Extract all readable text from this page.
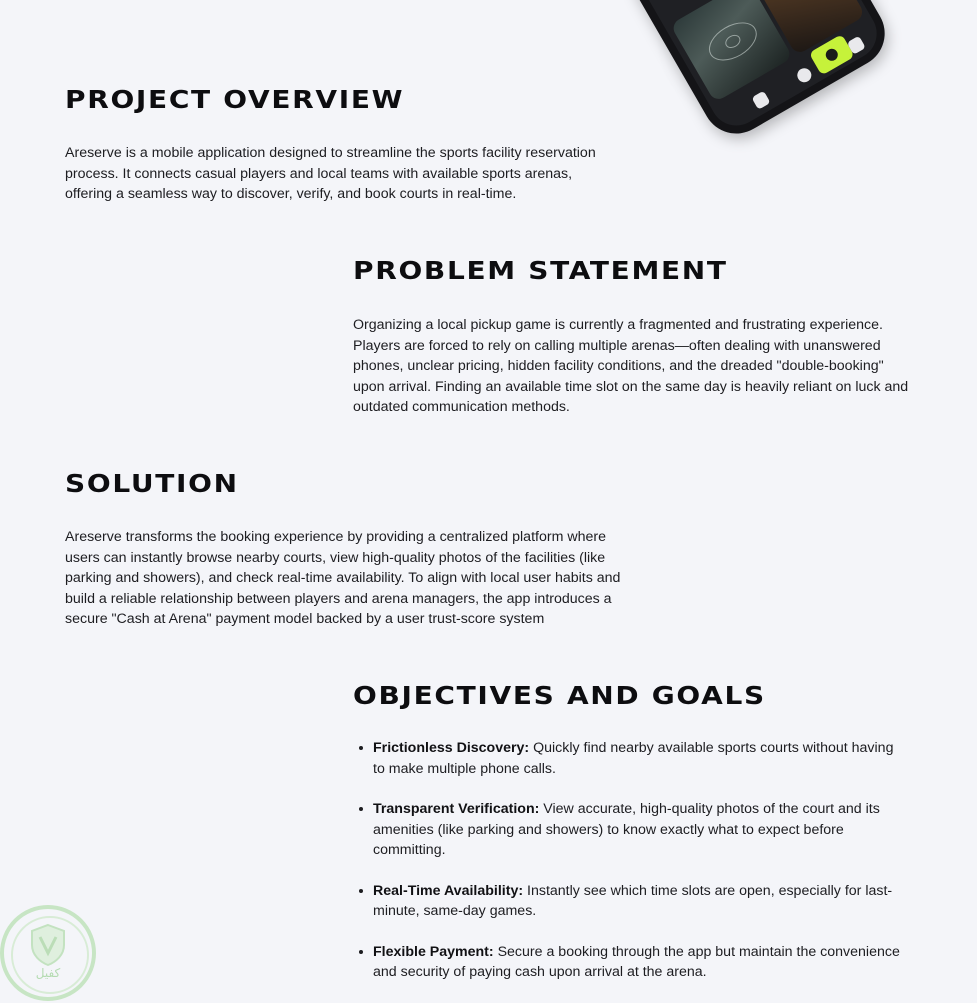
PROJECT OVERVIEW

Areserve is a mobile application designed to streamline the sports facility reservation process. It connects casual players and local teams with available sports arenas, offering a seamless way to discover, verify, and book courts in real-time.

PROBLEM STATEMENT

Organizing a local pickup game is currently a fragmented and frustrating experience. Players are forced to rely on calling multiple arenas—often dealing with unanswered phones, unclear pricing, hidden facility conditions, and the dreaded "double-booking" upon arrival. Finding an available time slot on the same day is heavily reliant on luck and outdated communication methods.

SOLUTION

Areserve transforms the booking experience by providing a centralized platform where users can instantly browse nearby courts, view high-quality photos of the facilities (like parking and showers), and check real-time availability. To align with local user habits and build a reliable relationship between players and arena managers, the app introduces a secure "Cash at Arena" payment model backed by a user trust-score system

OBJECTIVES AND GOALS
Frictionless Discovery: Quickly find nearby available sports courts without having to make multiple phone calls.
Transparent Verification: View accurate, high-quality photos of the court and its amenities (like parking and showers) to know exactly what to expect before committing.
Real-Time Availability: Instantly see which time slots are open, especially for last-minute, same-day games.
Flexible Payment: Secure a booking through the app but maintain the convenience and security of paying cash upon arrival at the arena.
كفيل
